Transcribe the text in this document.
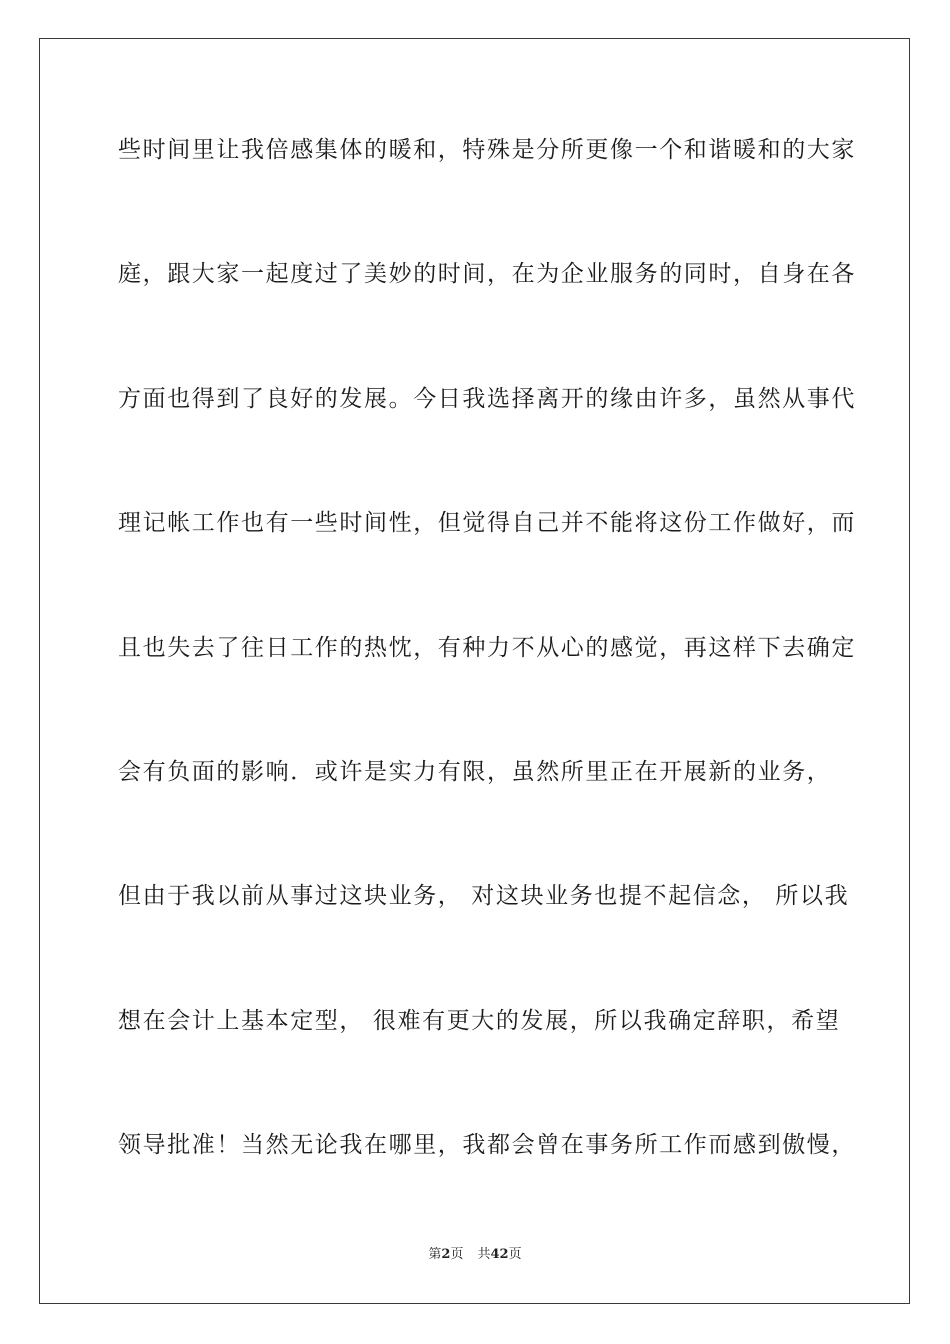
些时间里让我倍感集体的暖和，特殊是分所更像一个和谐暖和的大家
庭，跟大家一起度过了美妙的时间，在为企业服务的同时，自身在各
方面也得到了良好的发展。今日我选择离开的缘由许多，虽然从事代
理记帐工作也有一些时间性，但觉得自己并不能将这份工作做好，而
且也失去了往日工作的热忱，有种力不从心的感觉，再这样下去确定
会有负面的影响．或许是实力有限，虽然所里正在开展新的业务，
但由于我以前从事过这块业务， 对这块业务也提不起信念， 所以我
想在会计上基本定型， 很难有更大的发展，所以我确定辞职，希望
领导批准！当然无论我在哪里，我都会曾在事务所工作而感到傲慢，
第2页 共42页
